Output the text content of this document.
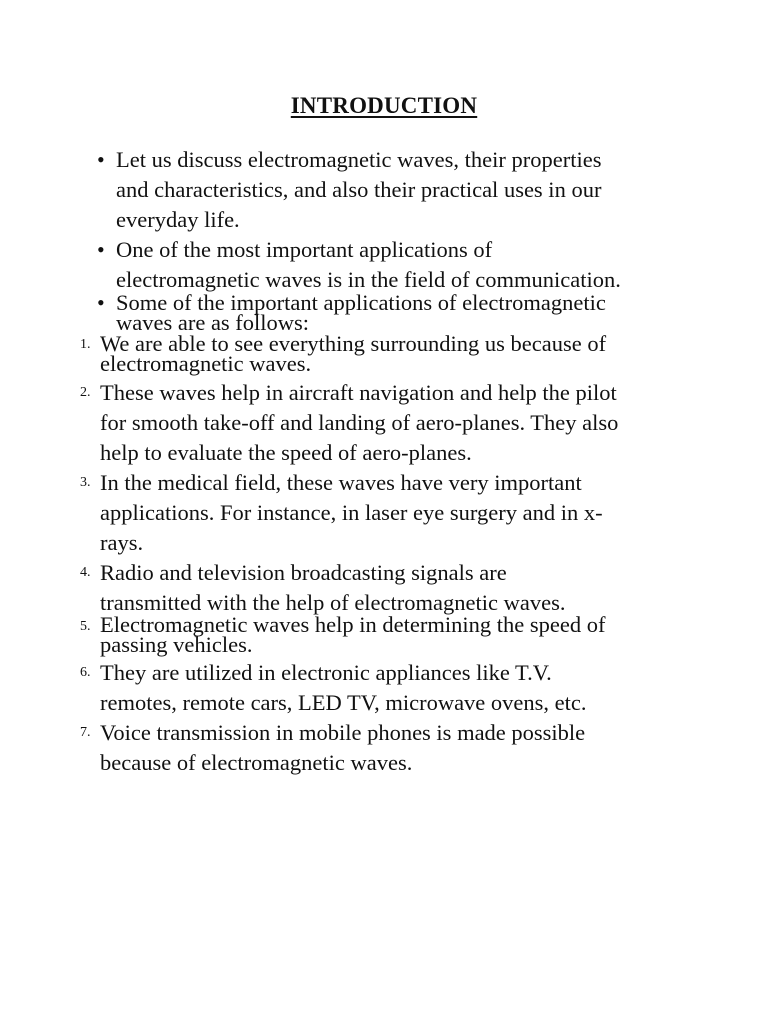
INTRODUCTION
• Let us discuss electromagnetic waves, their properties
and characteristics, and also their practical uses in our
everyday life.
• One of the most important applications of
electromagnetic waves is in the field of communication.
• Some of the important applications of electromagnetic
waves are as follows:
1. We are able to see everything surrounding us because of
electromagnetic waves.
2. These waves help in aircraft navigation and help the pilot
for smooth take-off and landing of aero-planes. They also
help to evaluate the speed of aero-planes.
3. In the medical field, these waves have very important
applications. For instance, in laser eye surgery and in x-
rays.
4. Radio and television broadcasting signals are
transmitted with the help of electromagnetic waves.
5. Electromagnetic waves help in determining the speed of
passing vehicles.
6. They are utilized in electronic appliances like T.V.
remotes, remote cars, LED TV, microwave ovens, etc.
7. Voice transmission in mobile phones is made possible
because of electromagnetic waves.
